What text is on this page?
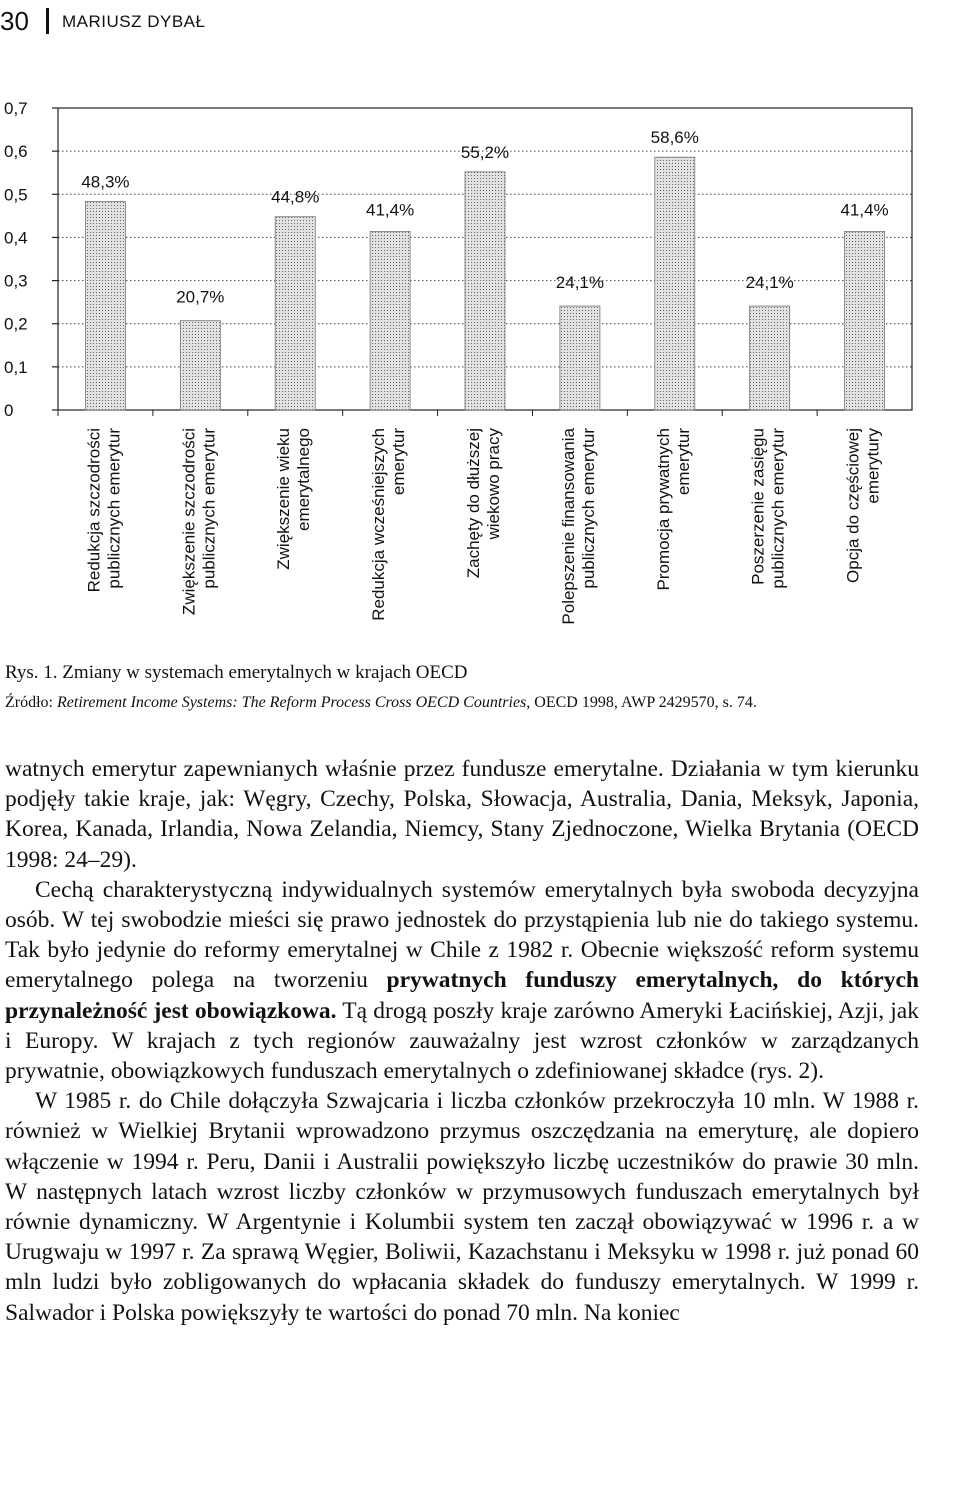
30 MARIUSZ DYBAŁ
0
0,1
0,2
0,3
0,4
0,5
0,6
0,7
48,3%
20,7%
44,8%
41,4%
55,2%
24,1%
58,6%
24,1%
41,4%
Redukcja szczodrości publicznych emerytur	Zwiększenie szczodrości publicznych emerytur	Zwiększenie wieku emerytalnego	Redukcja wcześniejszych emerytur	Zachęty do dłuższej wiekowo pracy	Polepszenie finansowania publicznych emerytur	Promocja prywatnych emerytur	Poszerzenie zasięgu publicznych emerytur	Opcja do częściowej emerytury
Rys. 1. Zmiany w systemach emerytalnych w krajach OECD
Źródło: Retirement Income Systems: The Reform Process Cross OECD Countries, OECD 1998, AWP 2429570, s. 74.

watnych emerytur zapewnianych właśnie przez fundusze emerytalne. Działania w tym kierunku podjęły takie kraje, jak: Węgry, Czechy, Polska, Słowacja, Australia, Dania, Meksyk, Japonia, Korea, Kanada, Irlandia, Nowa Zelandia, Niemcy, Stany Zjednoczone, Wielka Brytania (OECD 1998: 24–29).

Cechą charakterystyczną indywidualnych systemów emerytalnych była swoboda decyzyjna osób. W tej swobodzie mieści się prawo jednostek do przystąpienia lub nie do takiego systemu. Tak było jedynie do reformy emerytalnej w Chile z 1982 r. Obecnie większość reform systemu emerytalnego polega na tworzeniu prywatnych funduszy emerytalnych, do których przynależność jest obowiązkowa. Tą drogą poszły kraje zarówno Ameryki Łacińskiej, Azji, jak i Europy. W krajach z tych regionów zauważalny jest wzrost członków w zarządzanych prywatnie, obowiązkowych funduszach emerytalnych o zdefiniowanej składce (rys. 2).

W 1985 r. do Chile dołączyła Szwajcaria i liczba członków przekroczyła 10 mln. W 1988 r. również w Wielkiej Brytanii wprowadzono przymus oszczędzania na emeryturę, ale dopiero włączenie w 1994 r. Peru, Danii i Australii powiększyło liczbę uczestników do prawie 30 mln. W następnych latach wzrost liczby członków w przymusowych funduszach emerytalnych był równie dynamiczny. W Argentynie i Kolumbii system ten zaczął obowiązywać w 1996 r. a w Urugwaju w 1997 r. Za sprawą Węgier, Boliwii, Kazachstanu i Meksyku w 1998 r. już ponad 60 mln ludzi było zobligowanych do wpłacania składek do funduszy emerytalnych. W 1999 r. Salwador i Polska powiększyły te wartości do ponad 70 mln. Na koniec
